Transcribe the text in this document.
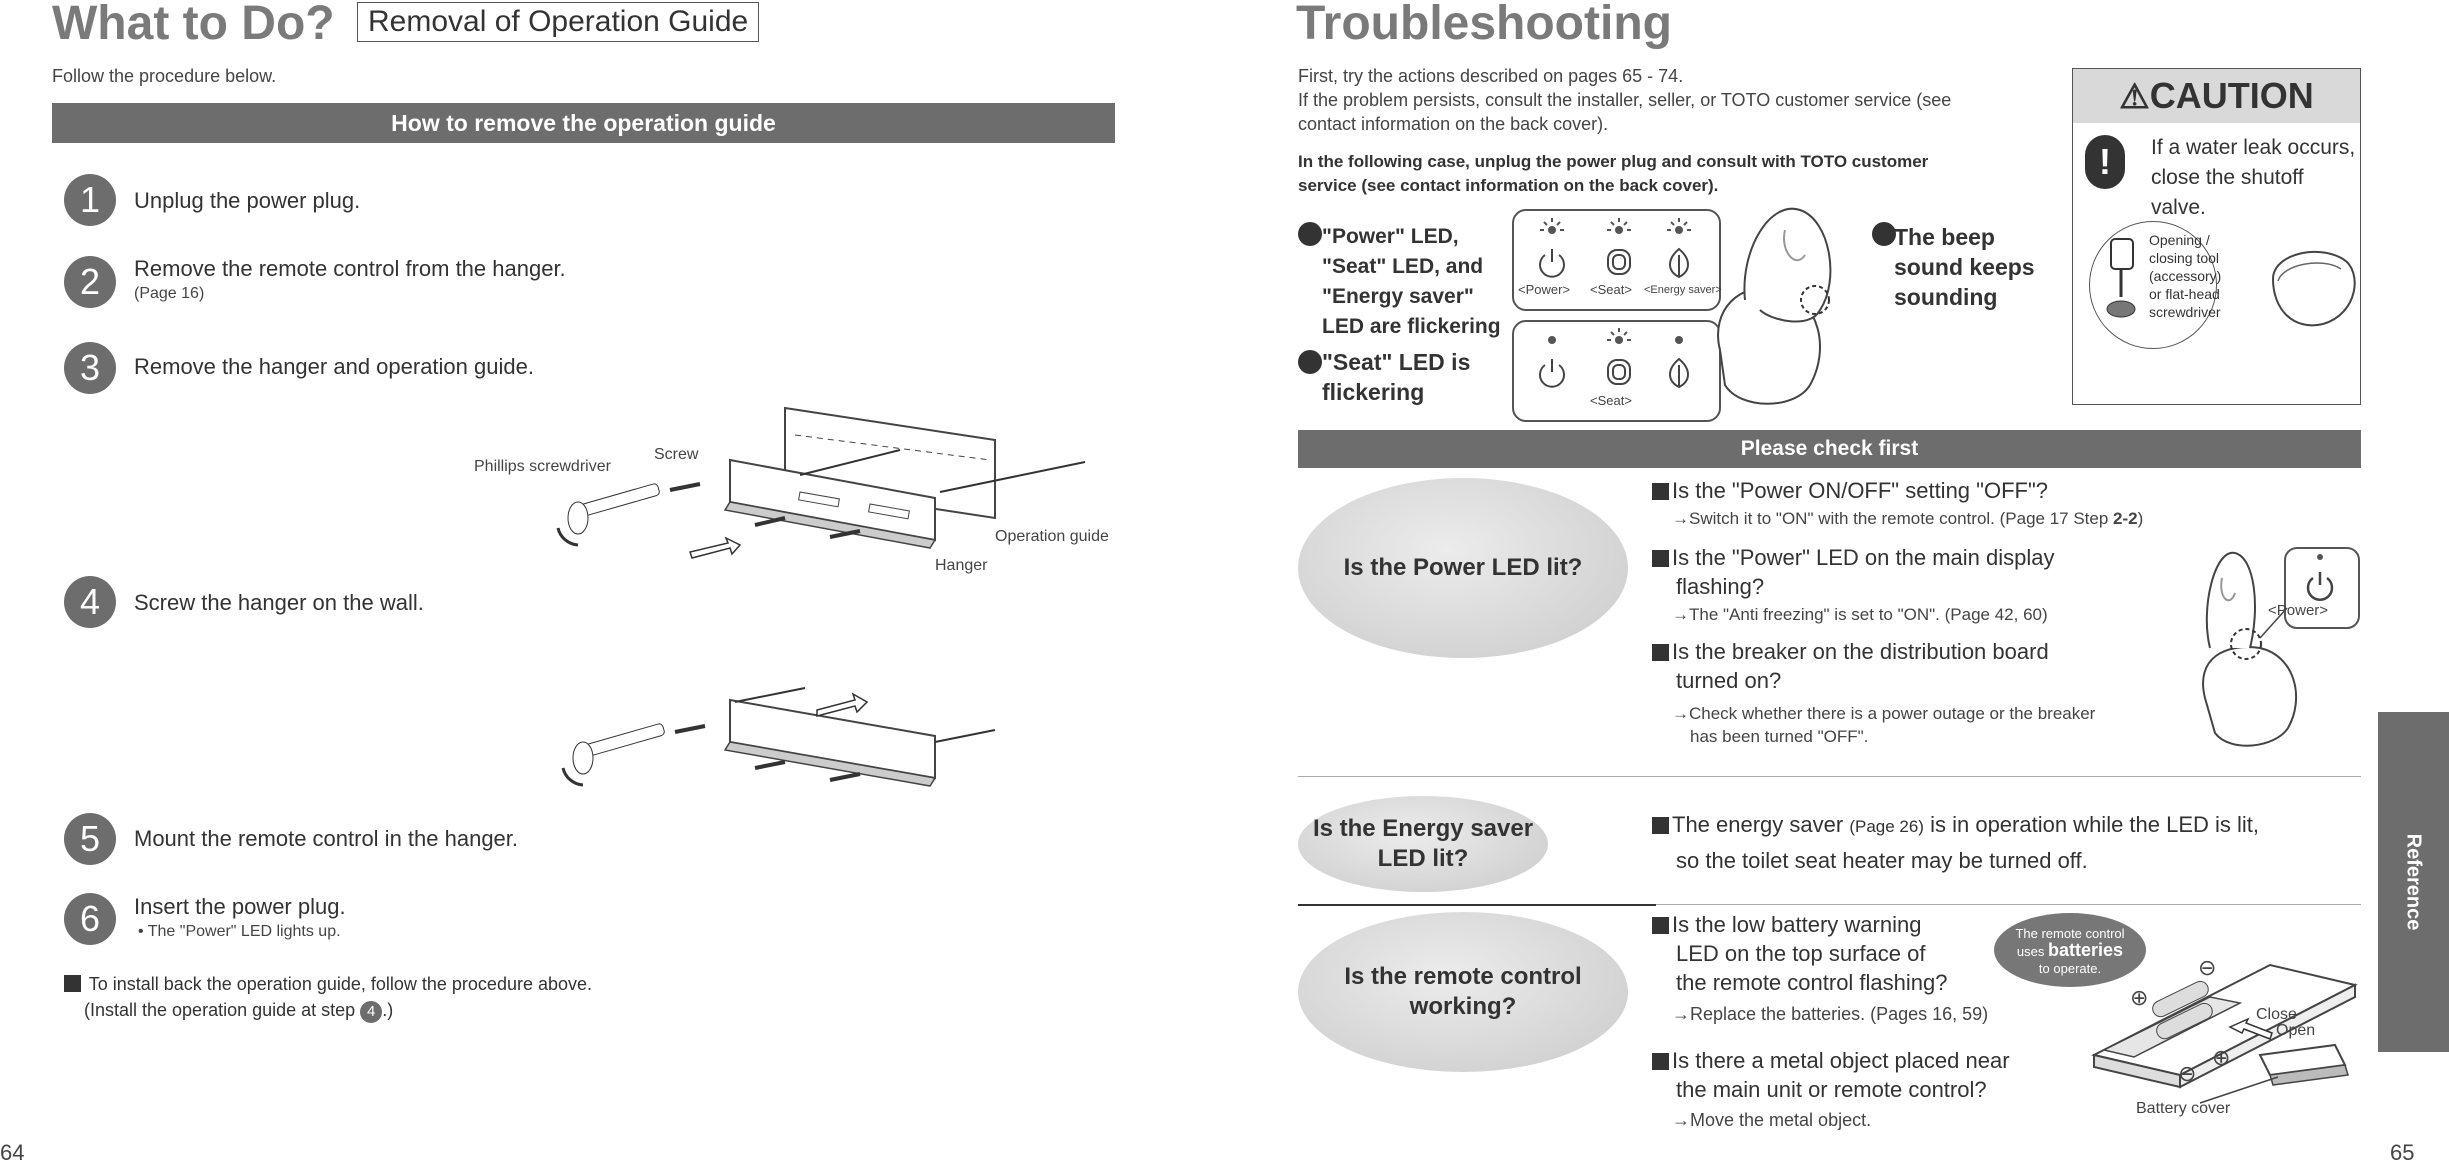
What to Do?	Removal of Operation Guide
Follow the procedure below.
How to remove the operation guide
1	Unplug the power plug.
2	Remove the remote control from the hanger.
(Page 16)
3	Remove the hanger and operation guide.
4	Screw the hanger on the wall.
5	Mount the remote control in the hanger.
6	Insert the power plug.
• The "Power" LED lights up.
Phillips screwdriver
Screw
Operation guide
Hanger
To install back the operation guide, follow the procedure above.
(Install the operation guide at step 4 .)
64
Troubleshooting
First, try the actions described on pages 65 - 74.
If the problem persists, consult the installer, seller, or TOTO customer service (see
contact information on the back cover).
In the following case, unplug the power plug and consult with TOTO customer
service (see contact information on the back cover).
"Power" LED,
"Seat" LED, and
"Energy saver"
LED are flickering
"Seat" LED is
flickering
<Power> <Seat> <Energy saver>
<Seat>
The beep
sound keeps
sounding
⚠CAUTION
!	If a water leak occurs,
close the shutoff valve.
Opening /
closing tool
(accessory)
or flat-head
screwdriver
Please check first
Is the Power LED lit?
Is the "Power ON/OFF" setting "OFF"?
→Switch it to "ON" with the remote control. (Page 17 Step 2-2)
Is the "Power" LED on the main display
flashing?
→The "Anti freezing" is set to "ON". (Page 42, 60)
Is the breaker on the distribution board
turned on?
→Check whether there is a power outage or the breaker
has been turned "OFF".
<Power>
Is the Energy saver
LED lit?
The energy saver (Page 26) is in operation while the LED is lit,
so the toilet seat heater may be turned off.
Is the remote control
working?
Is the low battery warning
LED on the top surface of
the remote control flashing?
→Replace the batteries. (Pages 16, 59)
Is there a metal object placed near
the main unit or remote control?
→Move the metal object.
The remote control
uses batteries
to operate.	⊖
⊕
⊕
⊖
Close
Open
Battery cover
Reference
65
